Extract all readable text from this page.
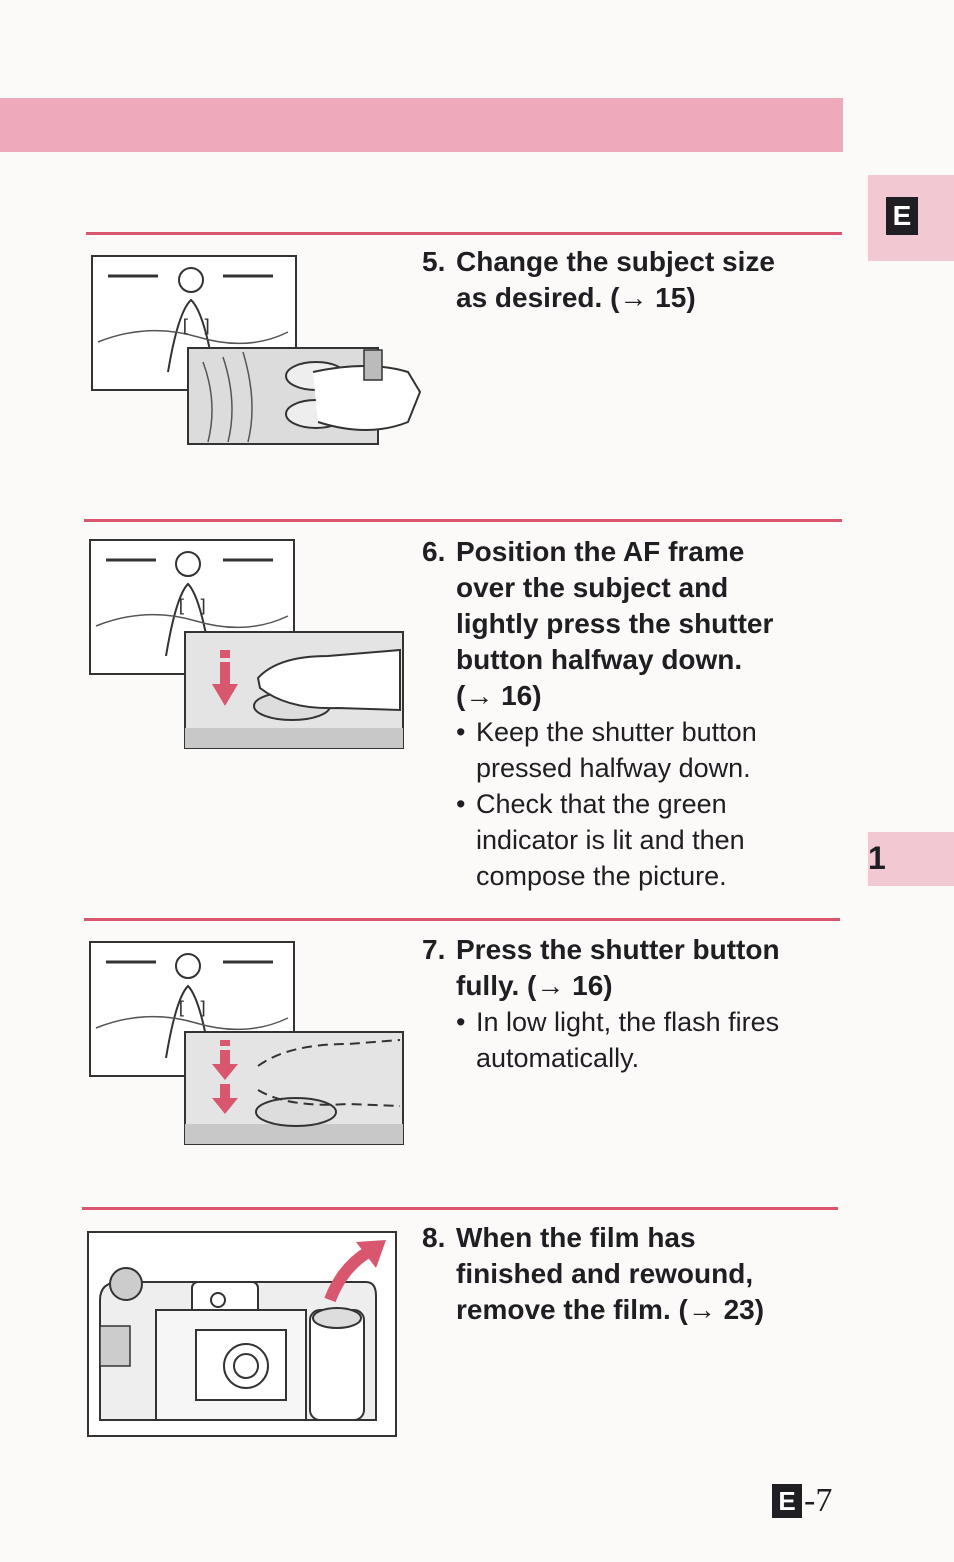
E
1
[ ]
5. Change the subject size
as desired. (→ 15)
[ ]
6. Position the AF frame
over the subject and
lightly press the shutter
button halfway down.
(→ 16)
• Keep the shutter button
pressed halfway down.
• Check that the green
indicator is lit and then
compose the picture.
[ ]
7. Press the shutter button
fully. (→ 16)
• In low light, the flash fires
automatically.
8. When the film has
finished and rewound,
remove the film. (→ 23)
E -7
